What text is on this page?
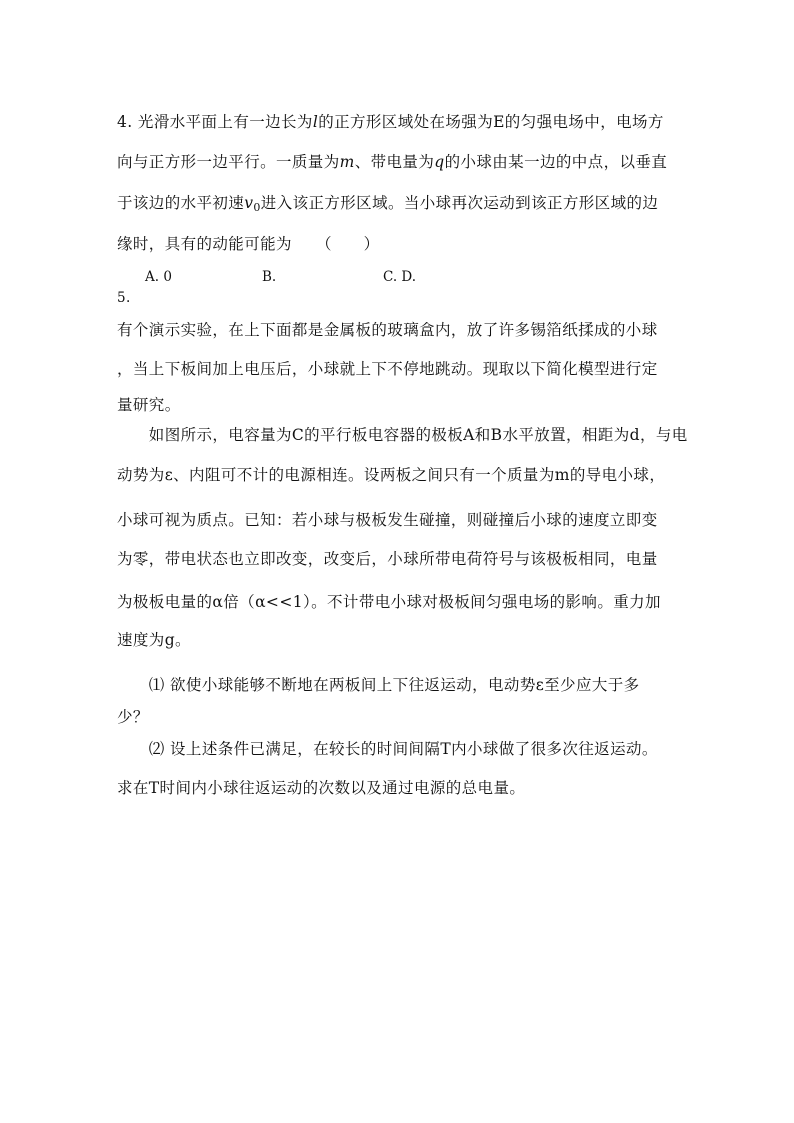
4. 光滑水平面上有一边长为l的正方形区域处在场强为E的匀强电场中，电场方
向与正方形一边平行。一质量为m、带电量为q的小球由某一边的中点，以垂直
于该边的水平初速$v_0$进入该正方形区域。当小球再次运动到该正方形区域的边
缘时，具有的动能可能为　　（　　）
A. 0	B.	C. D.
5.
有个演示实验，在上下面都是金属板的玻璃盒内，放了许多锡箔纸揉成的小球
，当上下板间加上电压后，小球就上下不停地跳动。现取以下简化模型进行定
量研究。
　　如图所示，电容量为C的平行板电容器的极板A和B水平放置，相距为d，与电
动势为ε、内阻可不计的电源相连。设两板之间只有一个质量为m的导电小球，
小球可视为质点。已知：若小球与极板发生碰撞，则碰撞后小球的速度立即变
为零，带电状态也立即改变，改变后，小球所带电荷符号与该极板相同，电量
为极板电量的α倍（α<<1）。不计带电小球对极板间匀强电场的影响。重力加
速度为g。
　　⑴ 欲使小球能够不断地在两板间上下往返运动，电动势ε至少应大于多
少？
　　⑵ 设上述条件已满足，在较长的时间间隔T内小球做了很多次往返运动。
求在T时间内小球往返运动的次数以及通过电源的总电量。
